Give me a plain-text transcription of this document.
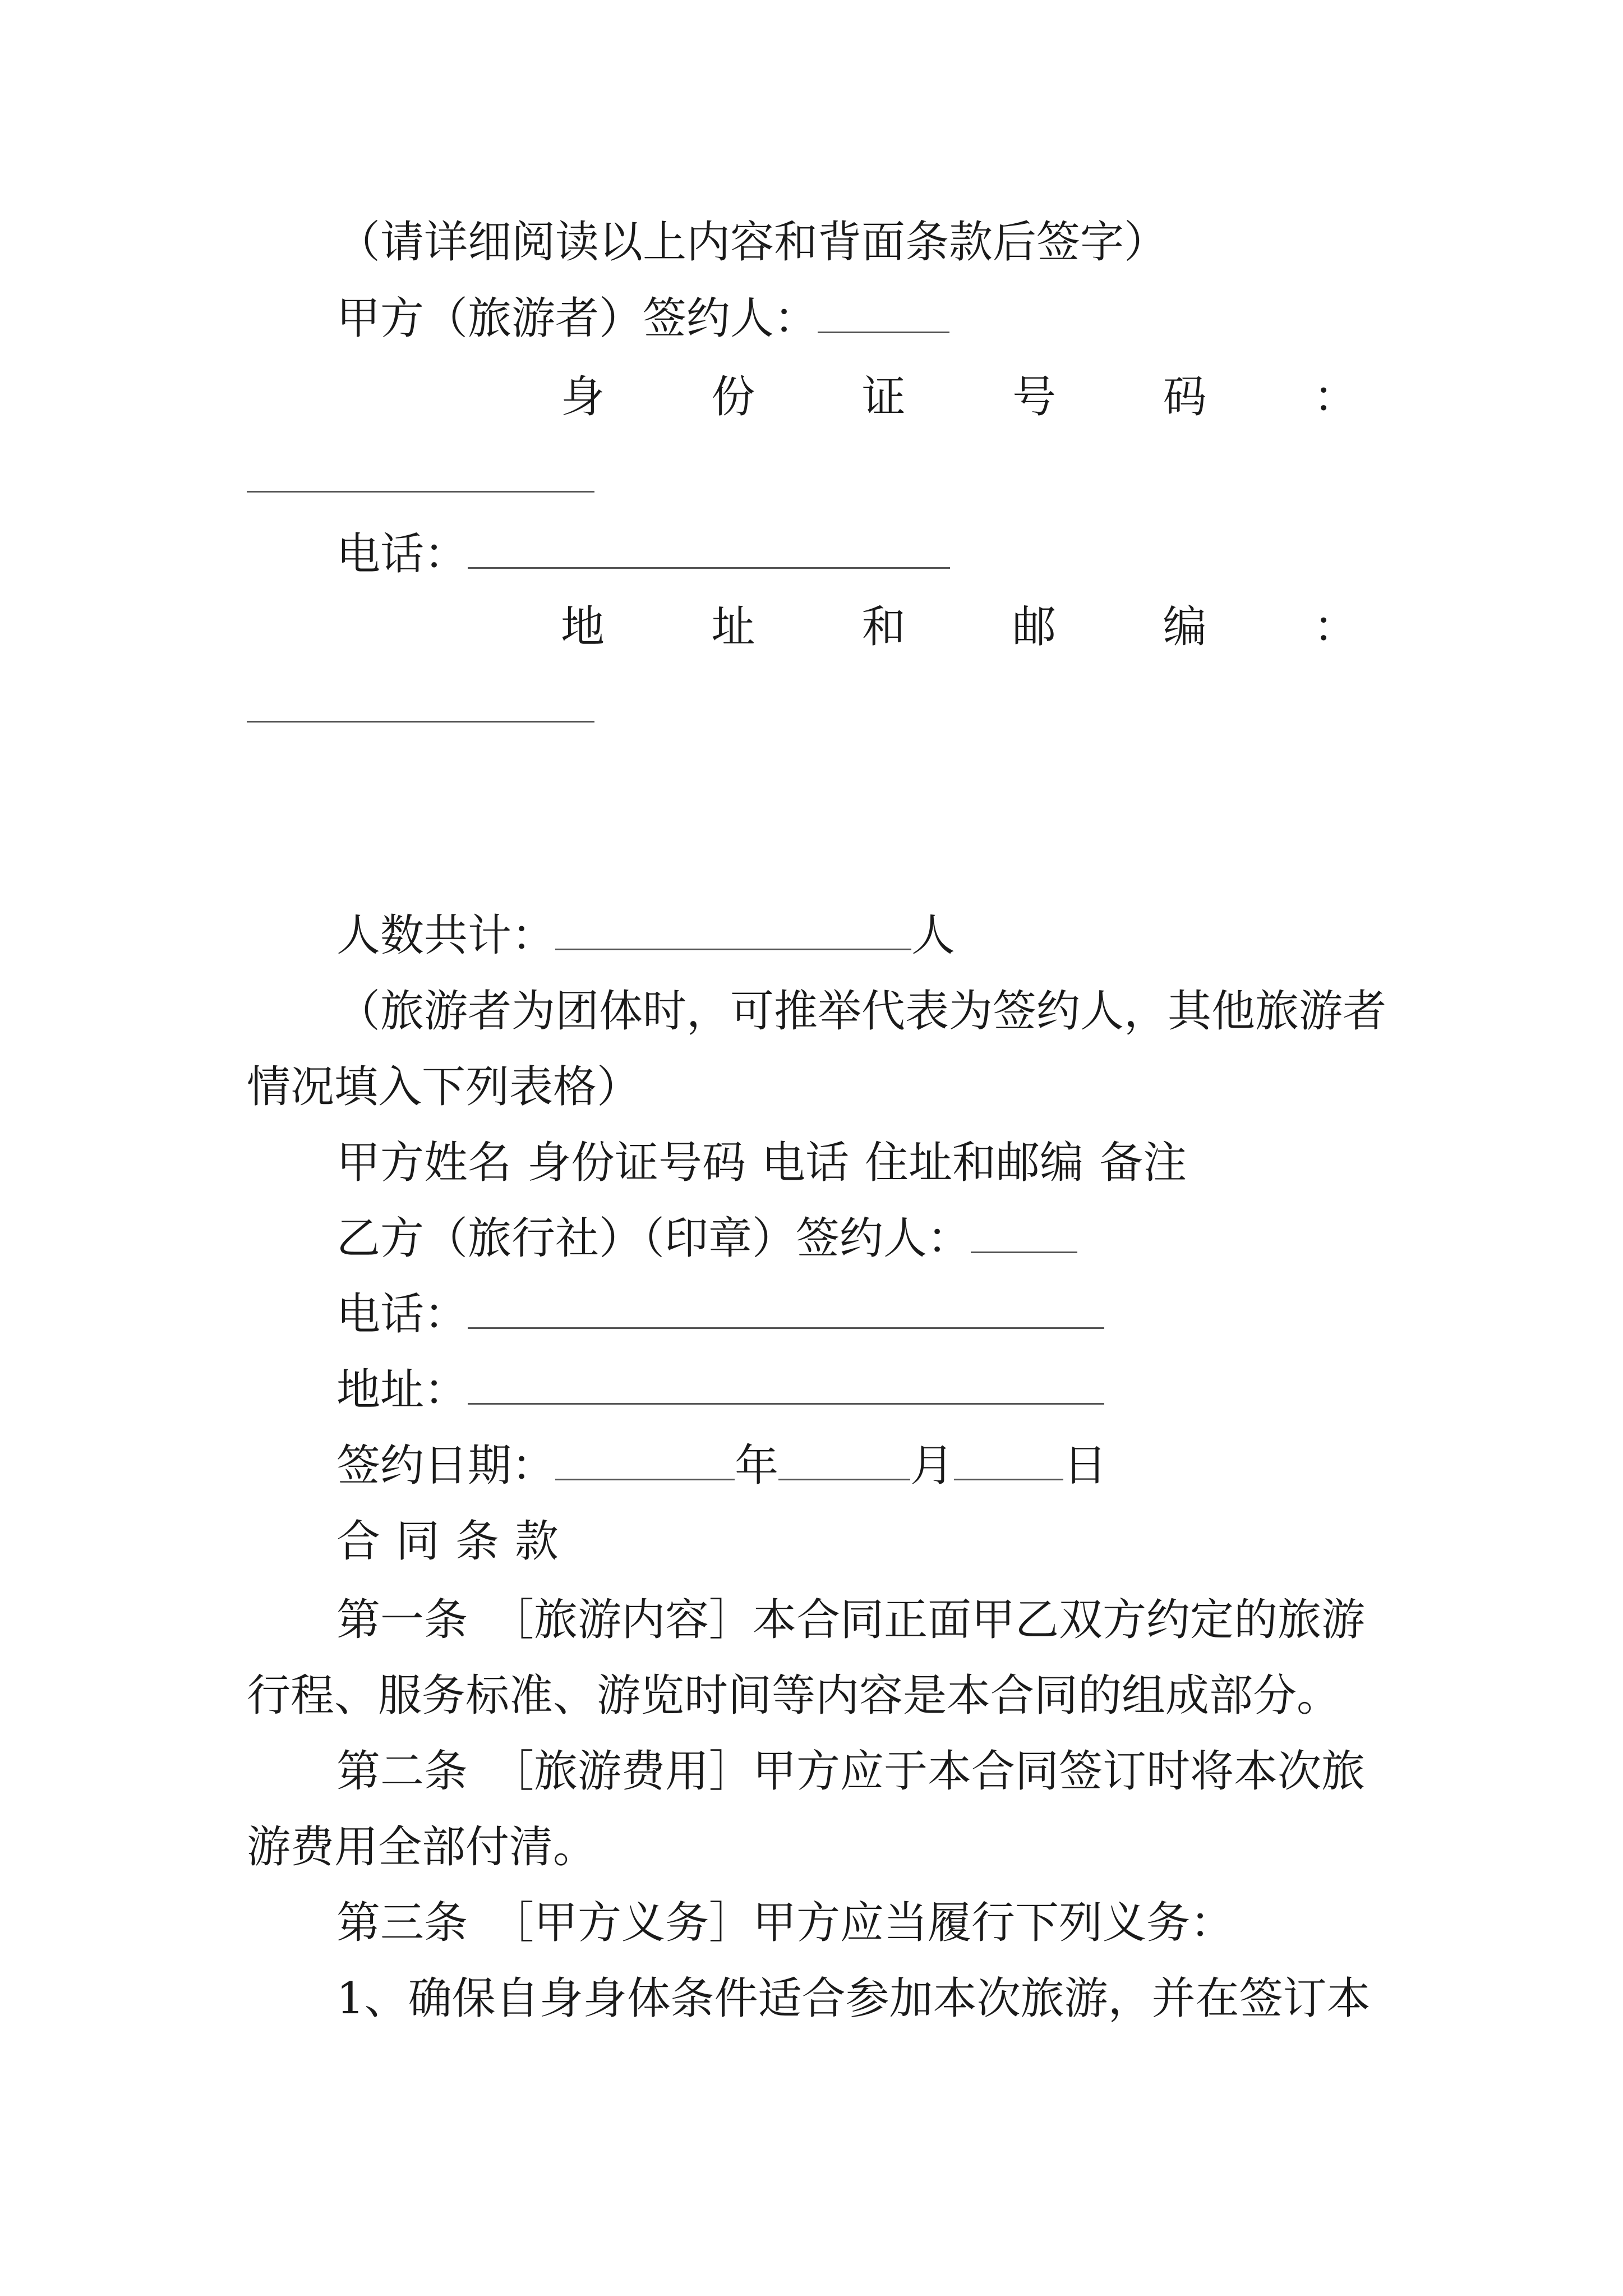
（请详细阅读以上内容和背面条款后签字）
甲方（旅游者）签约人：
身 份 证 号 码 ：
电话：
地 址 和 邮 编 ：
人数共计：	人
（旅游者为团体时，可推举代表为签约人，其他旅游者
情况填入下列表格）
甲方姓名 身份证号码 电话 住址和邮编 备注
乙方（旅行社）（印章）签约人：
电话：
地址：
签约日期：	年	月	日
合 同 条 款
第一条 ［旅游内容］本合同正面甲乙双方约定的旅游
行程、服务标准、游览时间等内容是本合同的组成部分。
第二条 ［旅游费用］甲方应于本合同签订时将本次旅
游费用全部付清。
第三条 ［甲方义务］甲方应当履行下列义务：
1、确保自身身体条件适合参加本次旅游，并在签订本
